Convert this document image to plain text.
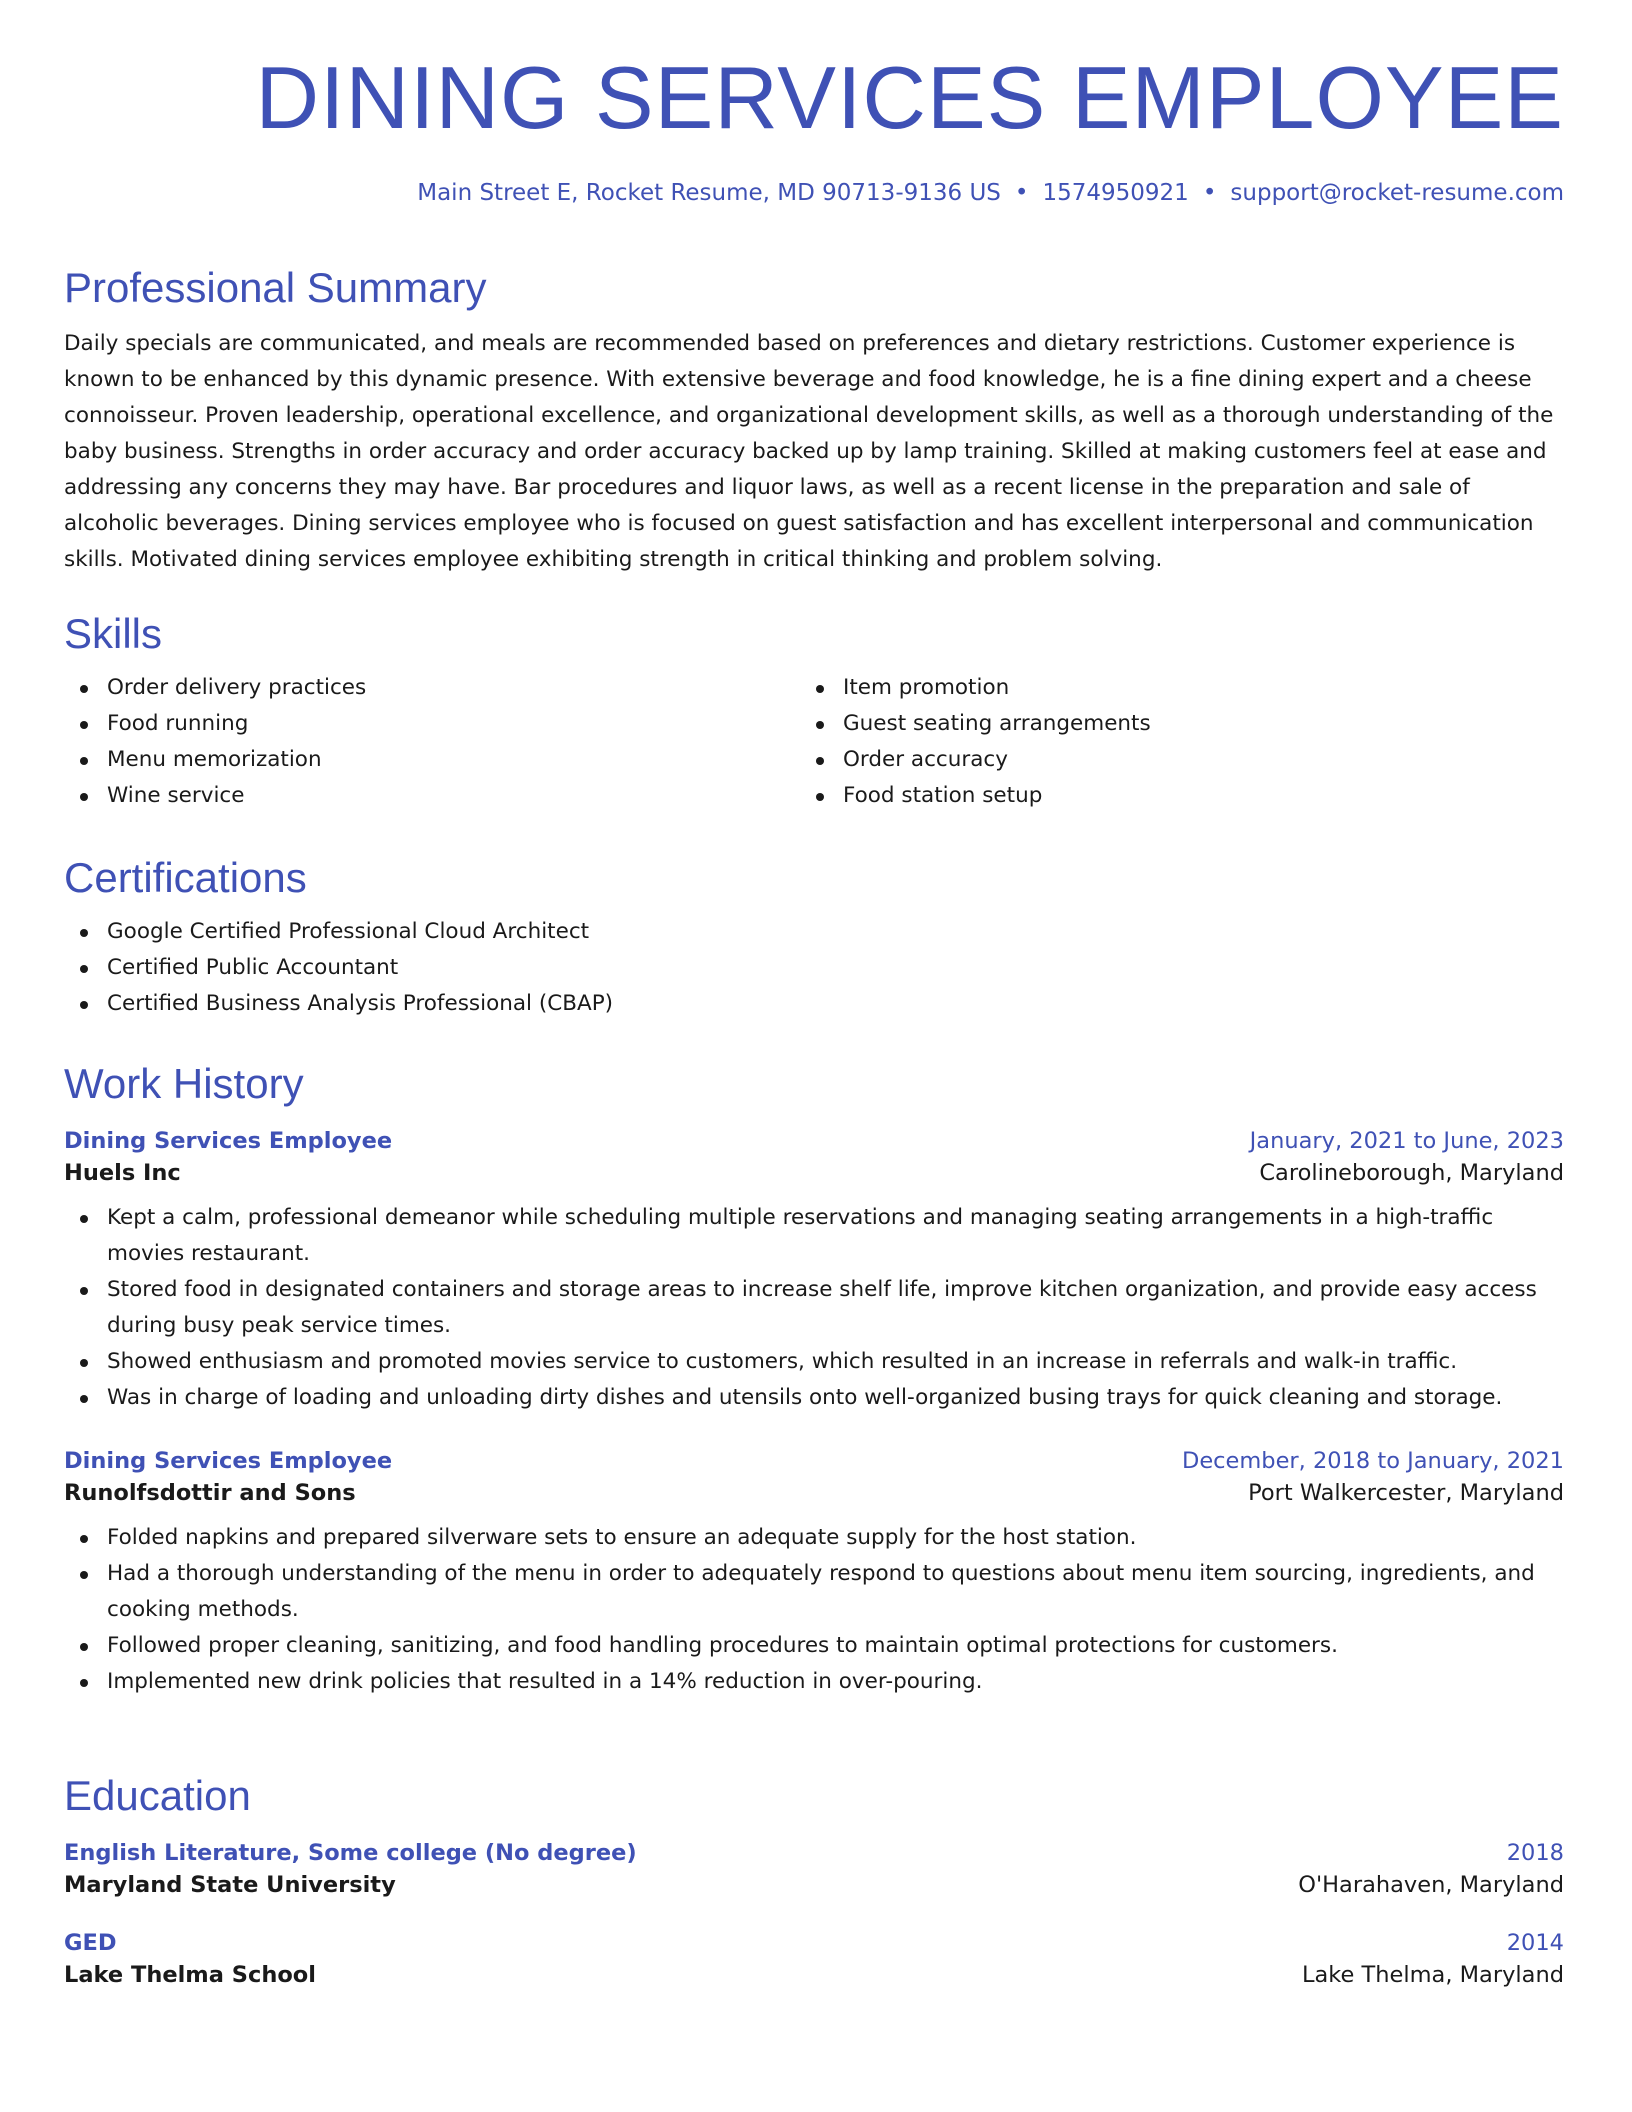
DINING SERVICES EMPLOYEE
Main Street E, Rocket Resume, MD 90713-9136 US • 1574950921 • support@rocket-resume.com
Professional Summary

Daily specials are communicated, and meals are recommended based on preferences and dietary restrictions. Customer experience is known to be enhanced by this dynamic presence. With extensive beverage and food knowledge, he is a fine dining expert and a cheese connoisseur. Proven leadership, operational excellence, and organizational development skills, as well as a thorough understanding of the baby business. Strengths in order accuracy and order accuracy backed up by lamp training. Skilled at making customers feel at ease and addressing any concerns they may have. Bar procedures and liquor laws, as well as a recent license in the preparation and sale of alcoholic beverages. Dining services employee who is focused on guest satisfaction and has excellent interpersonal and communication skills. Motivated dining services employee exhibiting strength in critical thinking and problem solving.

Skills
Order delivery practices
Food running
Menu memorization
Wine service
Item promotion
Guest seating arrangements
Order accuracy
Food station setup
Certifications
Google Certified Professional Cloud Architect
Certified Public Accountant
Certified Business Analysis Professional (CBAP)
Work History
Dining Services Employee	January, 2021 to June, 2023
Huels Inc	Carolineborough, Maryland
Kept a calm, professional demeanor while scheduling multiple reservations and managing seating arrangements in a high-traffic movies restaurant.
Stored food in designated containers and storage areas to increase shelf life, improve kitchen organization, and provide easy access during busy peak service times.
Showed enthusiasm and promoted movies service to customers, which resulted in an increase in referrals and walk-in traffic.
Was in charge of loading and unloading dirty dishes and utensils onto well-organized busing trays for quick cleaning and storage.
Dining Services Employee	December, 2018 to January, 2021
Runolfsdottir and Sons	Port Walkercester, Maryland
Folded napkins and prepared silverware sets to ensure an adequate supply for the host station.
Had a thorough understanding of the menu in order to adequately respond to questions about menu item sourcing, ingredients, and cooking methods.
Followed proper cleaning, sanitizing, and food handling procedures to maintain optimal protections for customers.
Implemented new drink policies that resulted in a 14% reduction in over-pouring.
Education
English Literature, Some college (No degree)	2018
Maryland State University	O'Harahaven, Maryland
GED	2014
Lake Thelma School	Lake Thelma, Maryland
